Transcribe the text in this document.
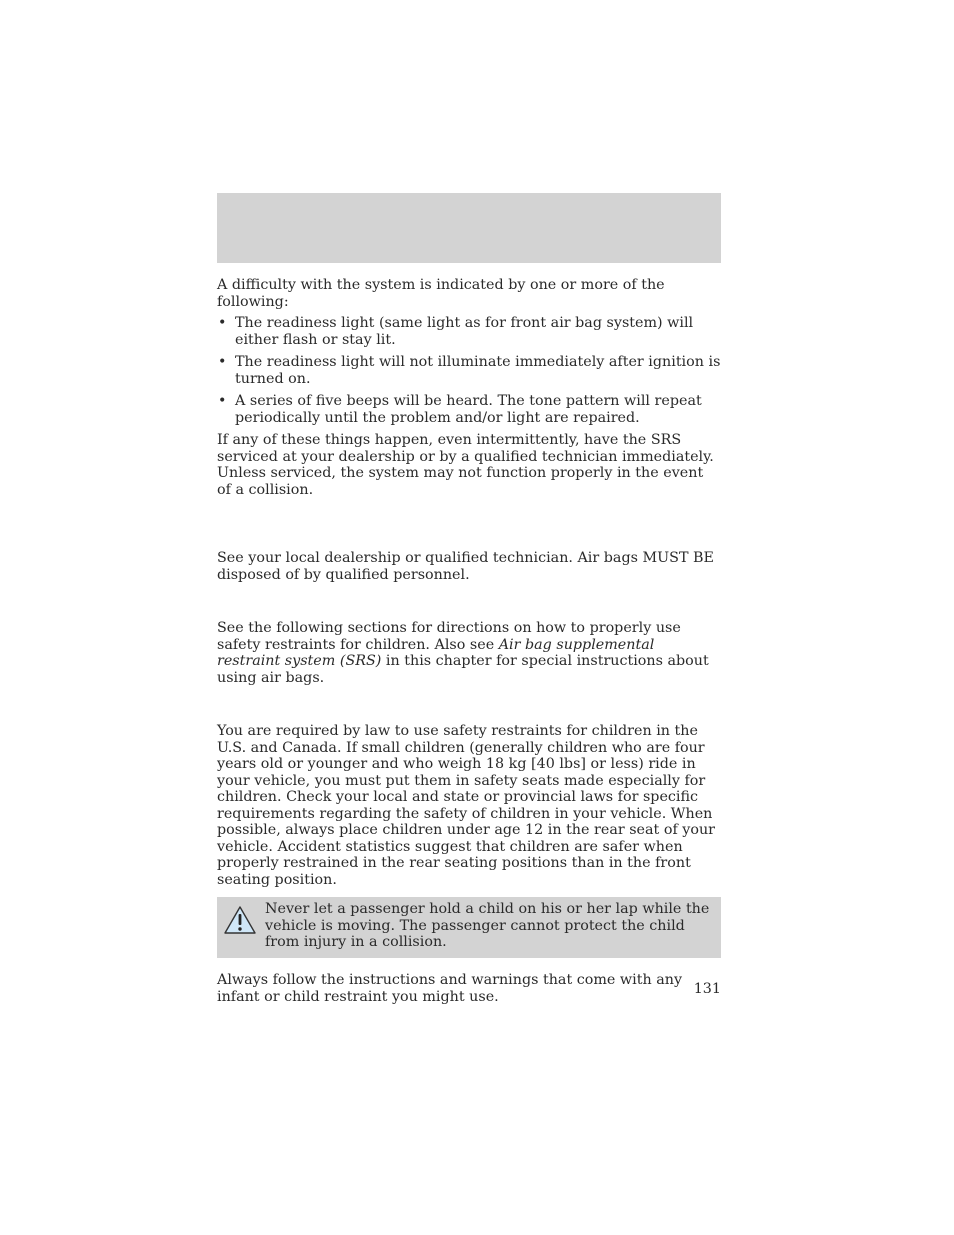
A difficulty with the system is indicated by one or more of the following:

• The readiness light (same light as for front air bag system) will either flash or stay lit.
• The readiness light will not illuminate immediately after ignition is turned on.
• A series of five beeps will be heard. The tone pattern will repeat periodically until the problem and/or light are repaired.

If any of these things happen, even intermittently, have the SRS serviced at your dealership or by a qualified technician immediately. Unless serviced, the system may not function properly in the event of a collision.

See your local dealership or qualified technician. Air bags MUST BE disposed of by qualified personnel.

See the following sections for directions on how to properly use safety restraints for children. Also see Air bag supplemental restraint system (SRS) in this chapter for special instructions about using air bags.

You are required by law to use safety restraints for children in the U.S. and Canada. If small children (generally children who are four years old or younger and who weigh 18 kg [40 lbs] or less) ride in your vehicle, you must put them in safety seats made especially for children. Check your local and state or provincial laws for specific requirements regarding the safety of children in your vehicle. When possible, always place children under age 12 in the rear seat of your vehicle. Accident statistics suggest that children are safer when properly restrained in the rear seating positions than in the front seating position.

Never let a passenger hold a child on his or her lap while the vehicle is moving. The passenger cannot protect the child from injury in a collision.

Always follow the instructions and warnings that come with any infant or child restraint you might use.	131
